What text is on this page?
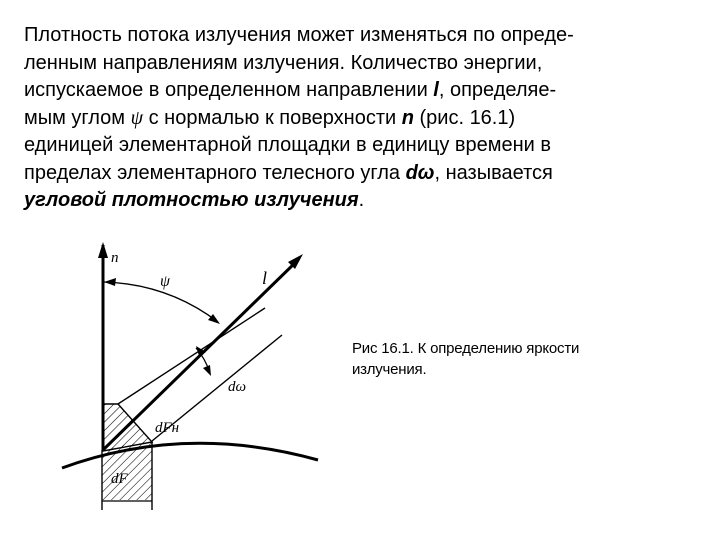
Плотность потока излучения может изменяться по опреде-
ленным направлениям излучения. Количество энергии,
испускаемое в определенном направлении l, определяе-
мым углом ψ с нормалью к поверхности n (рис. 16.1)
единицей элементарной площадки в единицу времени в
пределах элементарного телесного угла dω, называется
угловой плотностью излучения.

n
ψ	l
dω
dFн
dF

Рис 16.1. К определению яркости
излучения.
